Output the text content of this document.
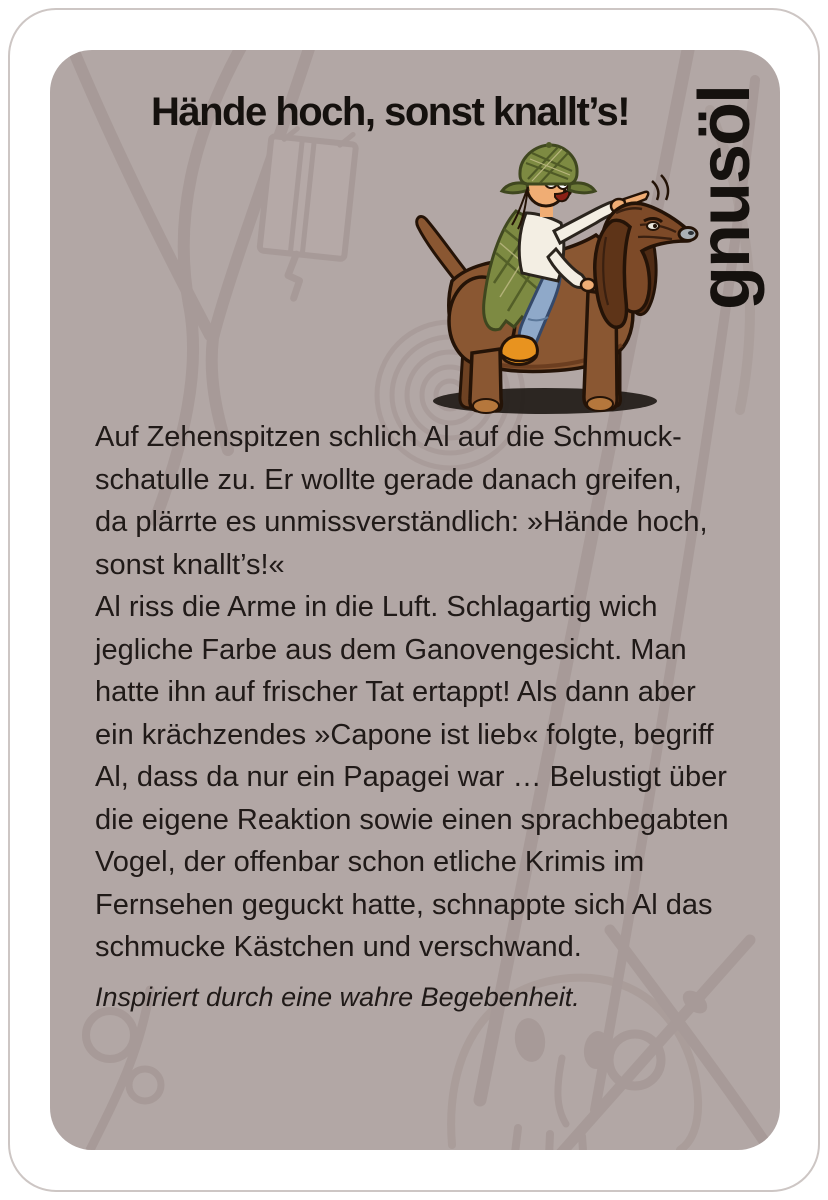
Hände hoch, sonst knallt’s! gnusöl
Auf Zehenspitzen schlich Al auf die Schmuck-
schatulle zu. Er wollte gerade danach greifen,
da plärrte es unmissverständlich: »Hände hoch,
sonst knallt’s!«
Al riss die Arme in die Luft. Schlagartig wich
jegliche Farbe aus dem Ganovengesicht. Man
hatte ihn auf frischer Tat ertappt! Als dann aber
ein krächzendes »Capone ist lieb« folgte, begriff
Al, dass da nur ein Papagei war … Belustigt über
die eigene Reaktion sowie einen sprachbegabten
Vogel, der offenbar schon etliche Krimis im
Fernsehen geguckt hatte, schnappte sich Al das
schmucke Kästchen und verschwand.
Inspiriert durch eine wahre Begebenheit.
